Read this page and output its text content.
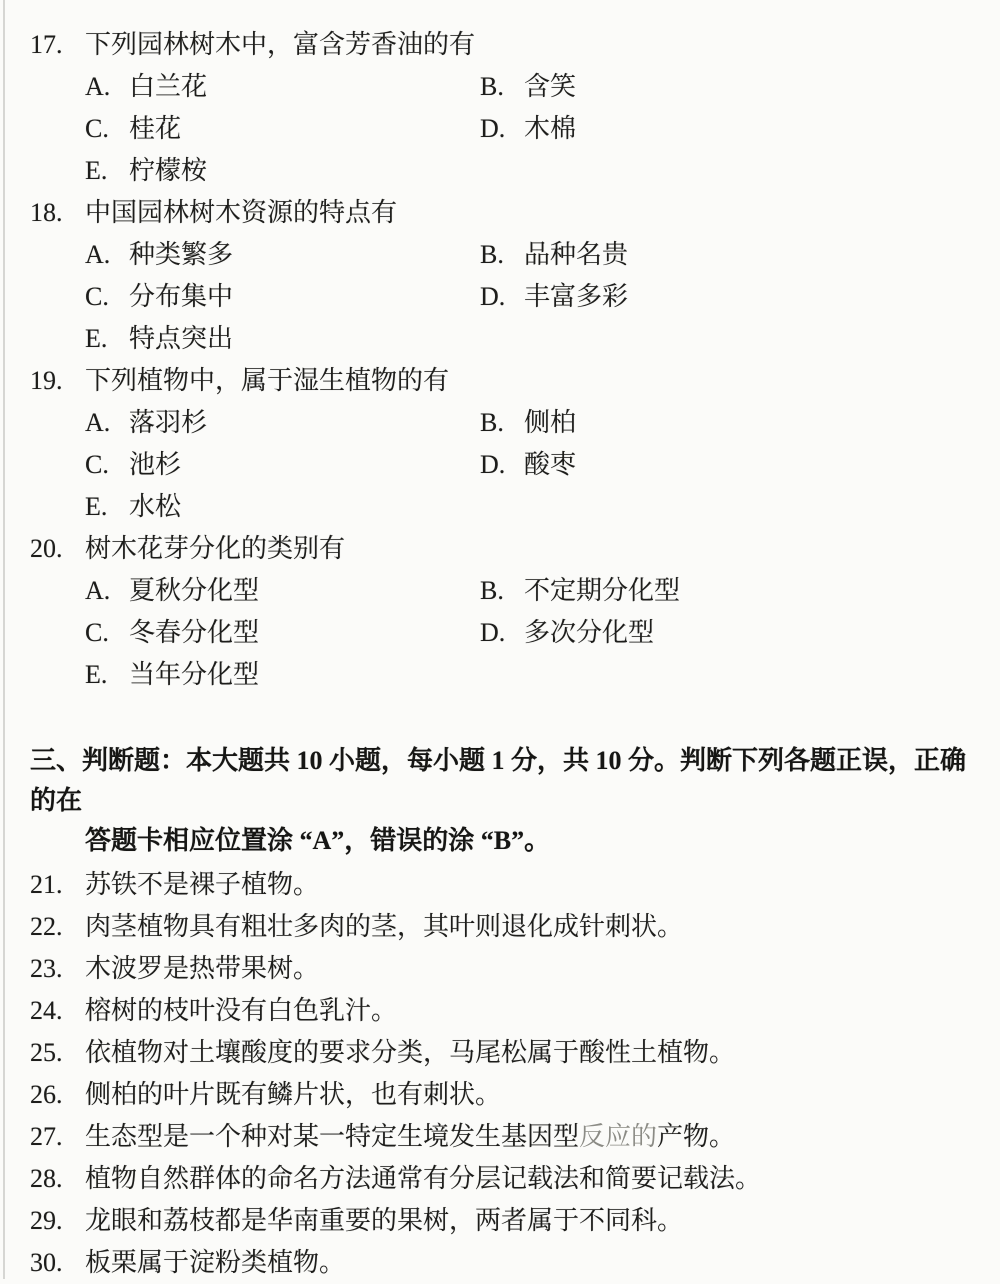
17. 下列园林树木中，富含芳香油的有
A. 白兰花	B. 含笑
C. 桂花	D. 木棉
E. 柠檬桉
18. 中国园林树木资源的特点有
A. 种类繁多	B. 品种名贵
C. 分布集中	D. 丰富多彩
E. 特点突出
19. 下列植物中，属于湿生植物的有
A. 落羽杉	B. 侧柏
C. 池杉	D. 酸枣
E. 水松
20. 树木花芽分化的类别有
A. 夏秋分化型	B. 不定期分化型
C. 冬春分化型	D. 多次分化型
E. 当年分化型
三、判断题：本大题共 10 小题，每小题 1 分，共 10 分。判断下列各题正误，正确的在
答题卡相应位置涂 “A”，错误的涂 “B”。
21. 苏铁不是裸子植物。
22. 肉茎植物具有粗壮多肉的茎，其叶则退化成针刺状。
23. 木波罗是热带果树。
24. 榕树的枝叶没有白色乳汁。
25. 依植物对土壤酸度的要求分类，马尾松属于酸性土植物。
26. 侧柏的叶片既有鳞片状，也有刺状。
27. 生态型是一个种对某一特定生境发生基因型反应的产物。
28. 植物自然群体的命名方法通常有分层记载法和简要记载法。
29. 龙眼和荔枝都是华南重要的果树，两者属于不同科。
30. 板栗属于淀粉类植物。
